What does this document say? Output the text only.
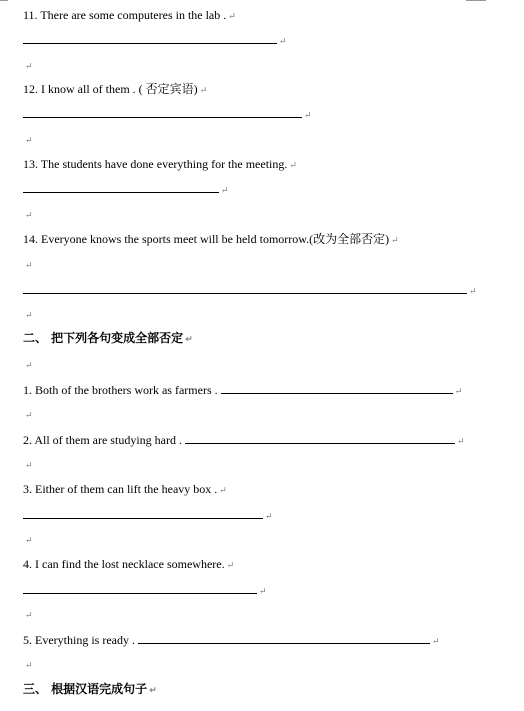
11. There are some computeres in the lab . ↵
↵
↵
12. I know all of them . ( 否定宾语) ↵
↵
↵
13. The students have done everything for the meeting. ↵
↵
↵
14. Everyone knows the sports meet will be held tomorrow.(改为全部否定) ↵
↵
↵
↵
二、 把下列各句变成全部否定 ↵
↵
1. Both of the brothers work as farmers .	↵
↵
2. All of them are studying hard .	↵
↵
3. Either of them can lift the heavy box . ↵
↵
↵
4. I can find the lost necklace somewhere. ↵
↵
↵
5. Everything is ready .	↵
↵
三、 根据汉语完成句子 ↵
